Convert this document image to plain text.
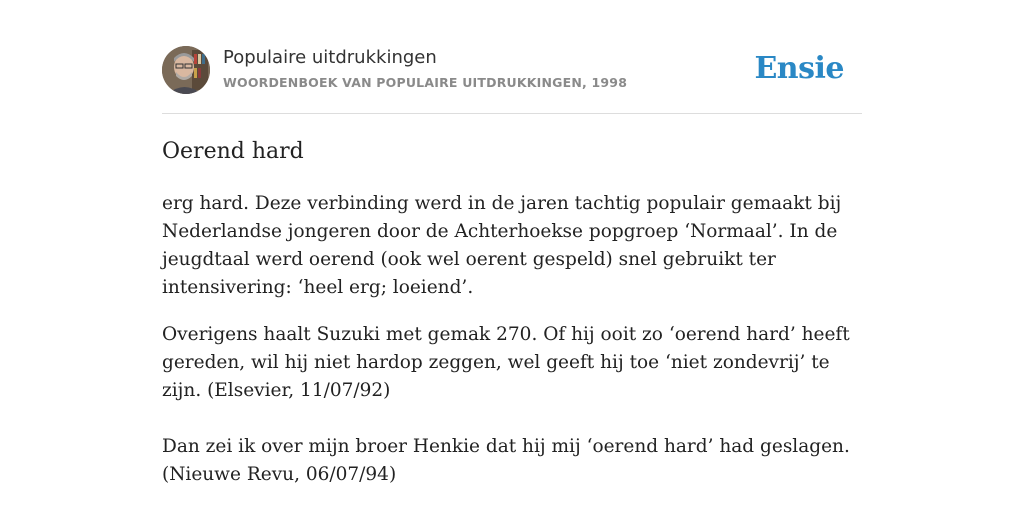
Populaire uitdrukkingen
WOORDENBOEK VAN POPULAIRE UITDRUKKINGEN, 1998	Ensie
Oerend hard

erg hard. Deze verbinding werd in de jaren tachtig populair gemaakt bij Nederlandse jongeren door de Achterhoekse popgroep ‘Normaal’. In de jeugdtaal werd oerend (ook wel oerent gespeld) snel gebruikt ter intensivering: ‘heel erg; loeiend’.

Overigens haalt Suzuki met gemak 270. Of hij ooit zo ‘oerend hard’ heeft gereden, wil hij niet hardop zeggen, wel geeft hij toe ‘niet zondevrij’ te zijn. (Elsevier, 11/07/92)

Dan zei ik over mijn broer Henkie dat hij mij ‘oerend hard’ had geslagen. (Nieuwe Revu, 06/07/94)
